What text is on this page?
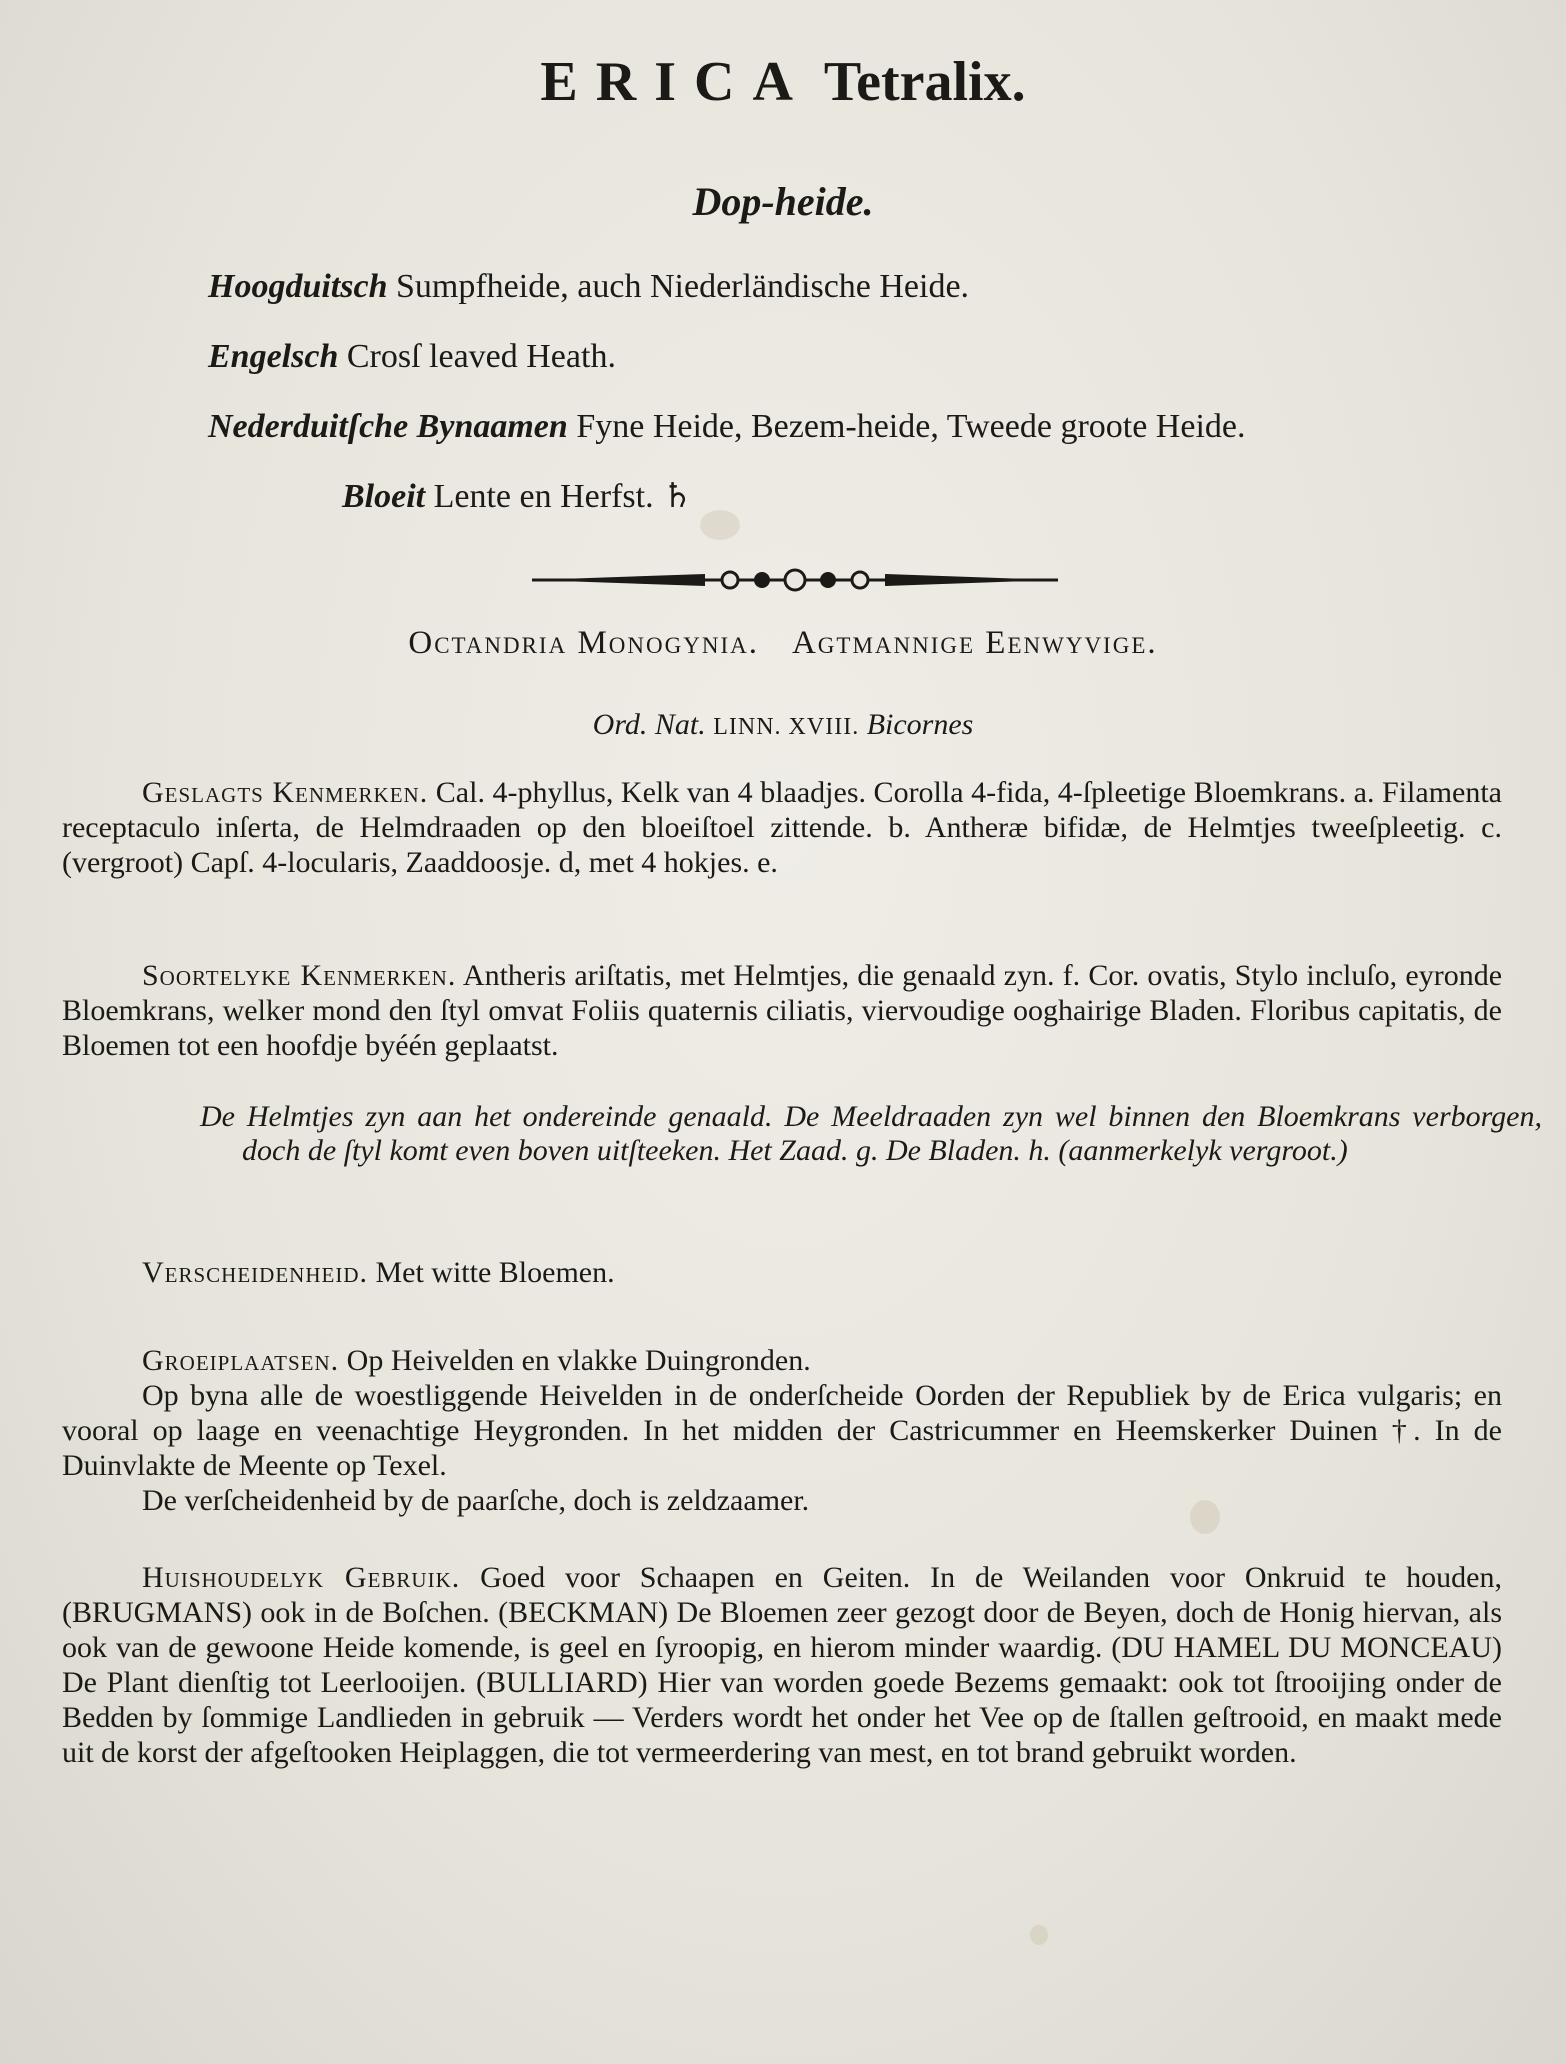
ERICA Tetralix.
Dop-heide.
Hoogduitsch Sumpfheide, auch Niederländische Heide.
Engelsch Crosſ leaved Heath.
Nederduitſche Bynaamen Fyne Heide, Bezem-heide, Tweede groote Heide.
Bloeit Lente en Herfst. ♄
Octandria Monogynia. Agtmannige Eenwyvige.
Ord. Nat. LINN. XVIII. Bicornes
Geslagts Kenmerken. Cal. 4-phyllus, Kelk van 4 blaadjes. Corolla 4-fida, 4-ſpleetige Bloemkrans. a. Filamenta receptaculo inſerta, de Helmdraaden op den bloeiſtoel zittende. b. Antheræ bifidæ, de Helmtjes tweeſpleetig. c. (vergroot) Capſ. 4-locularis, Zaaddoosje. d, met 4 hokjes. e.
Soortelyke Kenmerken. Antheris ariſtatis, met Helmtjes, die genaald zyn. f. Cor. ovatis, Stylo incluſo, eyronde Bloemkrans, welker mond den ſtyl omvat Foliis quaternis ciliatis, viervoudige ooghairige Bladen. Floribus capitatis, de Bloemen tot een hoofdje byéén geplaatst.
De Helmtjes zyn aan het ondereinde genaald. De Meeldraaden zyn wel binnen den Bloemkrans verborgen, doch de ſtyl komt even boven uitſteeken. Het Zaad. g. De Bladen. h. (aanmerkelyk vergroot.)
Verscheidenheid. Met witte Bloemen.
Groeiplaatsen. Op Heivelden en vlakke Duingronden.
Op byna alle de woestliggende Heivelden in de onderſcheide Oorden der Republiek by de Erica vulgaris; en vooral op laage en veenachtige Heygronden. In het midden der Castricummer en Heemskerker Duinen †. In de Duinvlakte de Meente op Texel.
De verſcheidenheid by de paarſche, doch is zeldzaamer.
Huishoudelyk Gebruik. Goed voor Schaapen en Geiten. In de Weilanden voor Onkruid te houden, (BRUGMANS) ook in de Boſchen. (BECKMAN) De Bloemen zeer gezogt door de Beyen, doch de Honig hiervan, als ook van de gewoone Heide komende, is geel en ſyroopig, en hierom minder waardig. (DU HAMEL DU MONCEAU) De Plant dienſtig tot Leerlooijen. (BULLIARD) Hier van worden goede Bezems gemaakt: ook tot ſtrooijing onder de Bedden by ſommige Landlieden in gebruik — Verders wordt het onder het Vee op de ſtallen geſtrooid, en maakt mede uit de korst der afgeſtooken Heiplaggen, die tot vermeerdering van mest, en tot brand gebruikt worden.
